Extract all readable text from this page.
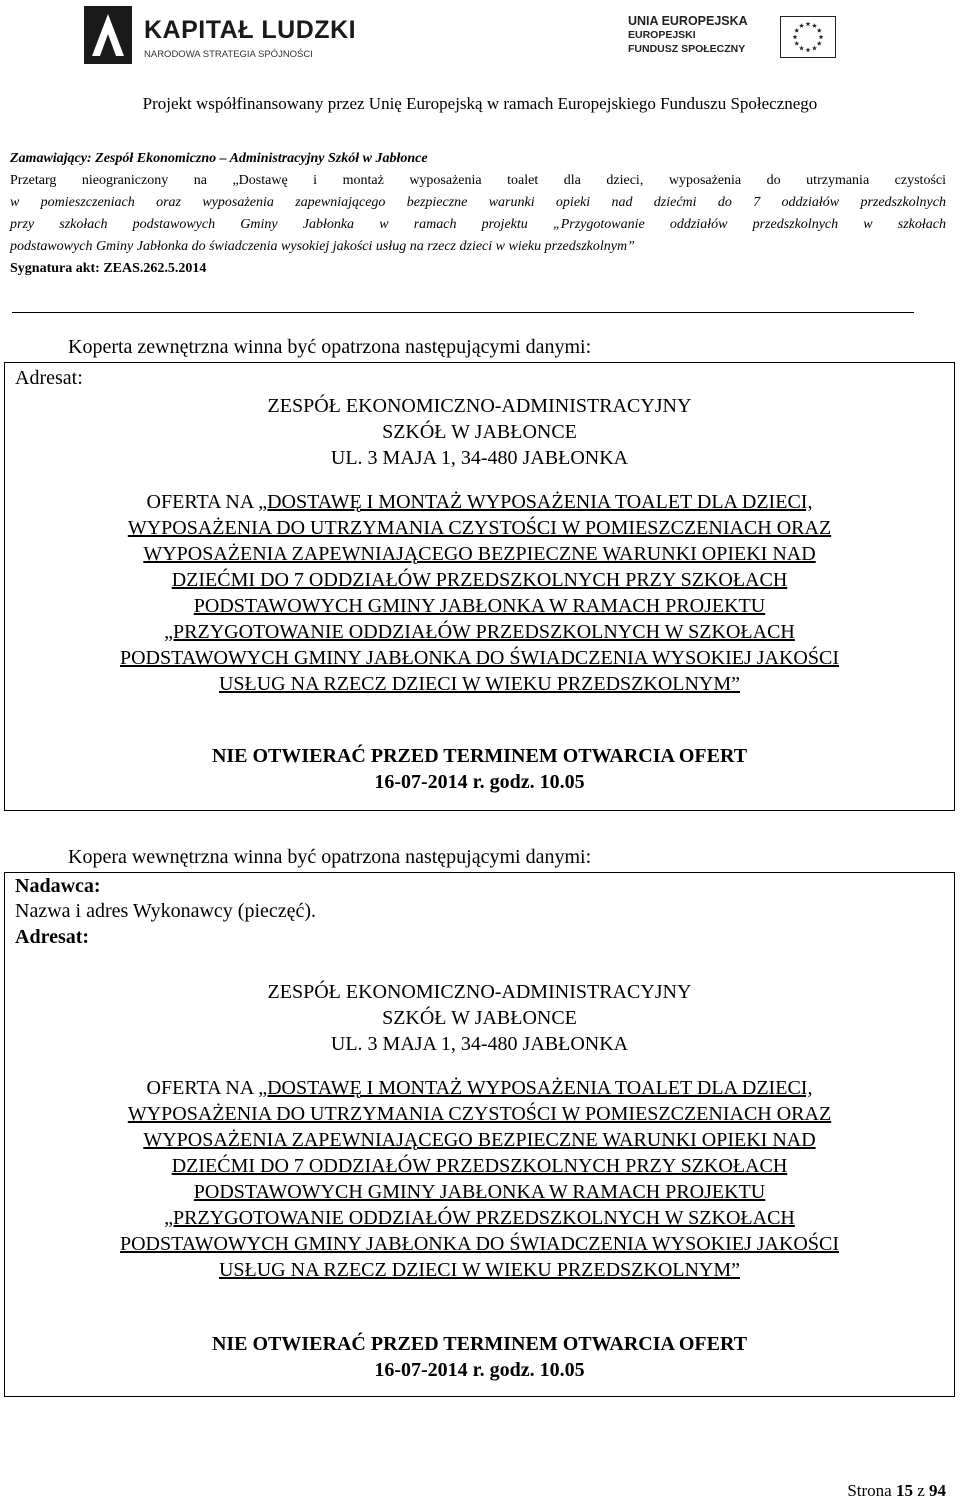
KAPITAŁ LUDZKI
NARODOWA STRATEGIA SPÓJNOŚCI
UNIA EUROPEJSKA
EUROPEJSKI
FUNDUSZ SPOŁECZNY
Projekt współfinansowany przez Unię Europejską w ramach Europejskiego Funduszu Społecznego
Zamawiający: Zespół Ekonomiczno – Administracyjny Szkół w Jabłonce
Przetarg nieograniczony na „Dostawę i montaż wyposażenia toalet dla dzieci, wyposażenia do utrzymania czystości
w pomieszczeniach oraz wyposażenia zapewniającego bezpieczne warunki opieki nad dziećmi do 7 oddziałów przedszkolnych
przy szkołach podstawowych Gminy Jabłonka w ramach projektu „Przygotowanie oddziałów przedszkolnych w szkołach
podstawowych Gminy Jabłonka do świadczenia wysokiej jakości usług na rzecz dzieci w wieku przedszkolnym”
Sygnatura akt: ZEAS.262.5.2014
Koperta zewnętrzna winna być opatrzona następującymi danymi:
Adresat:
ZESPÓŁ EKONOMICZNO-ADMINISTRACYJNY
SZKÓŁ W JABŁONCE
UL. 3 MAJA 1, 34-480 JABŁONKA
OFERTA NA „DOSTAWĘ I MONTAŻ WYPOSAŻENIA TOALET DLA DZIECI,
WYPOSAŻENIA DO UTRZYMANIA CZYSTOŚCI W POMIESZCZENIACH ORAZ
WYPOSAŻENIA ZAPEWNIAJĄCEGO BEZPIECZNE WARUNKI OPIEKI NAD
DZIEĆMI DO 7 ODDZIAŁÓW PRZEDSZKOLNYCH PRZY SZKOŁACH
PODSTAWOWYCH GMINY JABŁONKA W RAMACH PROJEKTU
„PRZYGOTOWANIE ODDZIAŁÓW PRZEDSZKOLNYCH W SZKOŁACH
PODSTAWOWYCH GMINY JABŁONKA DO ŚWIADCZENIA WYSOKIEJ JAKOŚCI
USŁUG NA RZECZ DZIECI W WIEKU PRZEDSZKOLNYM”
NIE OTWIERAĆ PRZED TERMINEM OTWARCIA OFERT
16-07-2014 r. godz. 10.05
Kopera wewnętrzna winna być opatrzona następującymi danymi:
Nadawca:
Nazwa i adres Wykonawcy (pieczęć).
Adresat:
ZESPÓŁ EKONOMICZNO-ADMINISTRACYJNY
SZKÓŁ W JABŁONCE
UL. 3 MAJA 1, 34-480 JABŁONKA
OFERTA NA „DOSTAWĘ I MONTAŻ WYPOSAŻENIA TOALET DLA DZIECI,
WYPOSAŻENIA DO UTRZYMANIA CZYSTOŚCI W POMIESZCZENIACH ORAZ
WYPOSAŻENIA ZAPEWNIAJĄCEGO BEZPIECZNE WARUNKI OPIEKI NAD
DZIEĆMI DO 7 ODDZIAŁÓW PRZEDSZKOLNYCH PRZY SZKOŁACH
PODSTAWOWYCH GMINY JABŁONKA W RAMACH PROJEKTU
„PRZYGOTOWANIE ODDZIAŁÓW PRZEDSZKOLNYCH W SZKOŁACH
PODSTAWOWYCH GMINY JABŁONKA DO ŚWIADCZENIA WYSOKIEJ JAKOŚCI
USŁUG NA RZECZ DZIECI W WIEKU PRZEDSZKOLNYM”
NIE OTWIERAĆ PRZED TERMINEM OTWARCIA OFERT
16-07-2014 r. godz. 10.05
Strona 15 z 94
